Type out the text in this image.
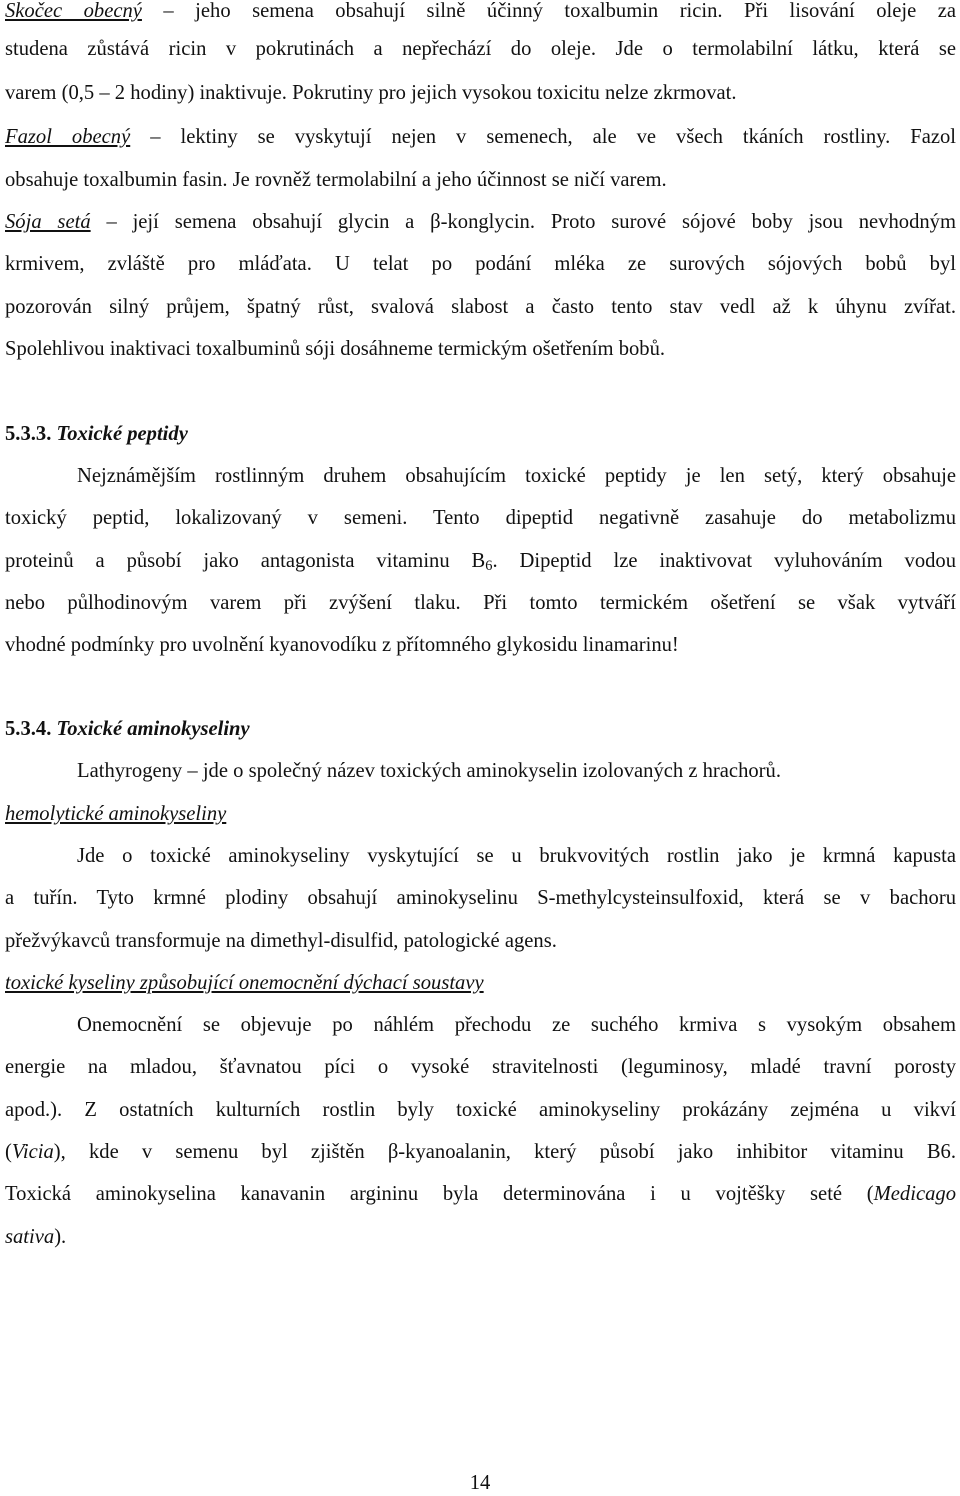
Skočec obecný – jeho semena obsahují silně účinný toxalbumin ricin. Při lisování oleje za
studena zůstává ricin v pokrutinách a nepřechází do oleje. Jde o termolabilní látku, která se
varem (0,5 – 2 hodiny) inaktivuje. Pokrutiny pro jejich vysokou toxicitu nelze zkrmovat.
Fazol obecný – lektiny se vyskytují nejen v semenech, ale ve všech tkáních rostliny. Fazol
obsahuje toxalbumin fasin. Je rovněž termolabilní a jeho účinnost se ničí varem.
Sója setá – její semena obsahují glycin a β-konglycin. Proto surové sójové boby jsou nevhodným
krmivem, zvláště pro mláďata. U telat po podání mléka ze surových sójových bobů byl
pozorován silný průjem, špatný růst, svalová slabost a často tento stav vedl až k úhynu zvířat.
Spolehlivou inaktivaci toxalbuminů sóji dosáhneme termickým ošetřením bobů.
5.3.3. Toxické peptidy
Nejznámějším rostlinným druhem obsahujícím toxické peptidy je len setý, který obsahuje
toxický peptid, lokalizovaný v semeni. Tento dipeptid negativně zasahuje do metabolizmu
proteinů a působí jako antagonista vitaminu $B_6$. Dipeptid lze inaktivovat vyluhováním vodou
nebo půlhodinovým varem při zvýšení tlaku. Při tomto termickém ošetření se však vytváří
vhodné podmínky pro uvolnění kyanovodíku z přítomného glykosidu linamarinu!
5.3.4. Toxické aminokyseliny
Lathyrogeny – jde o společný název toxických aminokyselin izolovaných z hrachorů.
hemolytické aminokyseliny
Jde o toxické aminokyseliny vyskytující se u brukvovitých rostlin jako je krmná kapusta
a tuřín. Tyto krmné plodiny obsahují aminokyselinu S-methylcysteinsulfoxid, která se v bachoru
přežvýkavců transformuje na dimethyl-disulfid, patologické agens.
toxické kyseliny způsobující onemocnění dýchací soustavy
Onemocnění se objevuje po náhlém přechodu ze suchého krmiva s vysokým obsahem
energie na mladou, šťavnatou píci o vysoké stravitelnosti (leguminosy, mladé travní porosty
apod.). Z ostatních kulturních rostlin byly toxické aminokyseliny prokázány zejména u vikví
(Vicia), kde v semenu byl zjištěn β-kyanoalanin, který působí jako inhibitor vitaminu B6.
Toxická aminokyselina kanavanin argininu byla determinována i u vojtěšky seté (Medicago
sativa).
14
